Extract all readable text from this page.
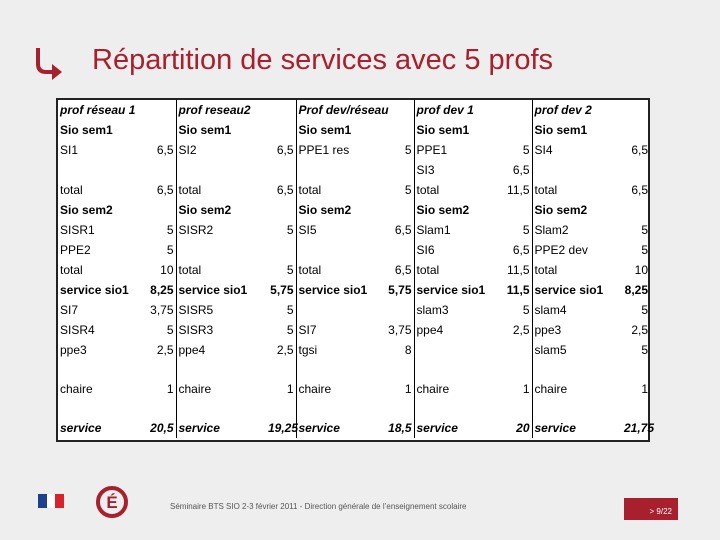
Répartition de services avec 5 profs
prof réseau 1		prof reseau2		Prof dev/réseau		prof dev 1		prof dev 2	
Sio sem1		Sio sem1		Sio sem1		Sio sem1		Sio sem1	
SI1	6,5	SI2	6,5	PPE1 res	5	PPE1	5	SI4	6,5
						SI3	6,5		
total	6,5	total	6,5	total	5	total	11,5	total	6,5
Sio sem2		Sio sem2		Sio sem2		Sio sem2		Sio sem2	
SISR1	5	SISR2	5	SI5	6,5	Slam1	5	Slam2	5
PPE2	5					SI6	6,5	PPE2 dev	5
total	10	total	5	total	6,5	total	11,5	total	10
service sio1	8,25	service sio1	5,75	service sio1	5,75	service sio1	11,5	service sio1	8,25
SI7	3,75	SISR5	5			slam3	5	slam4	5
SISR4	5	SISR3	5	SI7	3,75	ppe4	2,5	ppe3	2,5
ppe3	2,5	ppe4	2,5	tgsi	8			slam5	5

chaire	1	chaire	1	chaire	1	chaire	1	chaire	1

service	20,5	service	19,25	service	18,5	service	20	service	21,75
É	Séminaire BTS SIO 2-3 février 2011 - Direction générale de l’enseignement scolaire
> 9/22
